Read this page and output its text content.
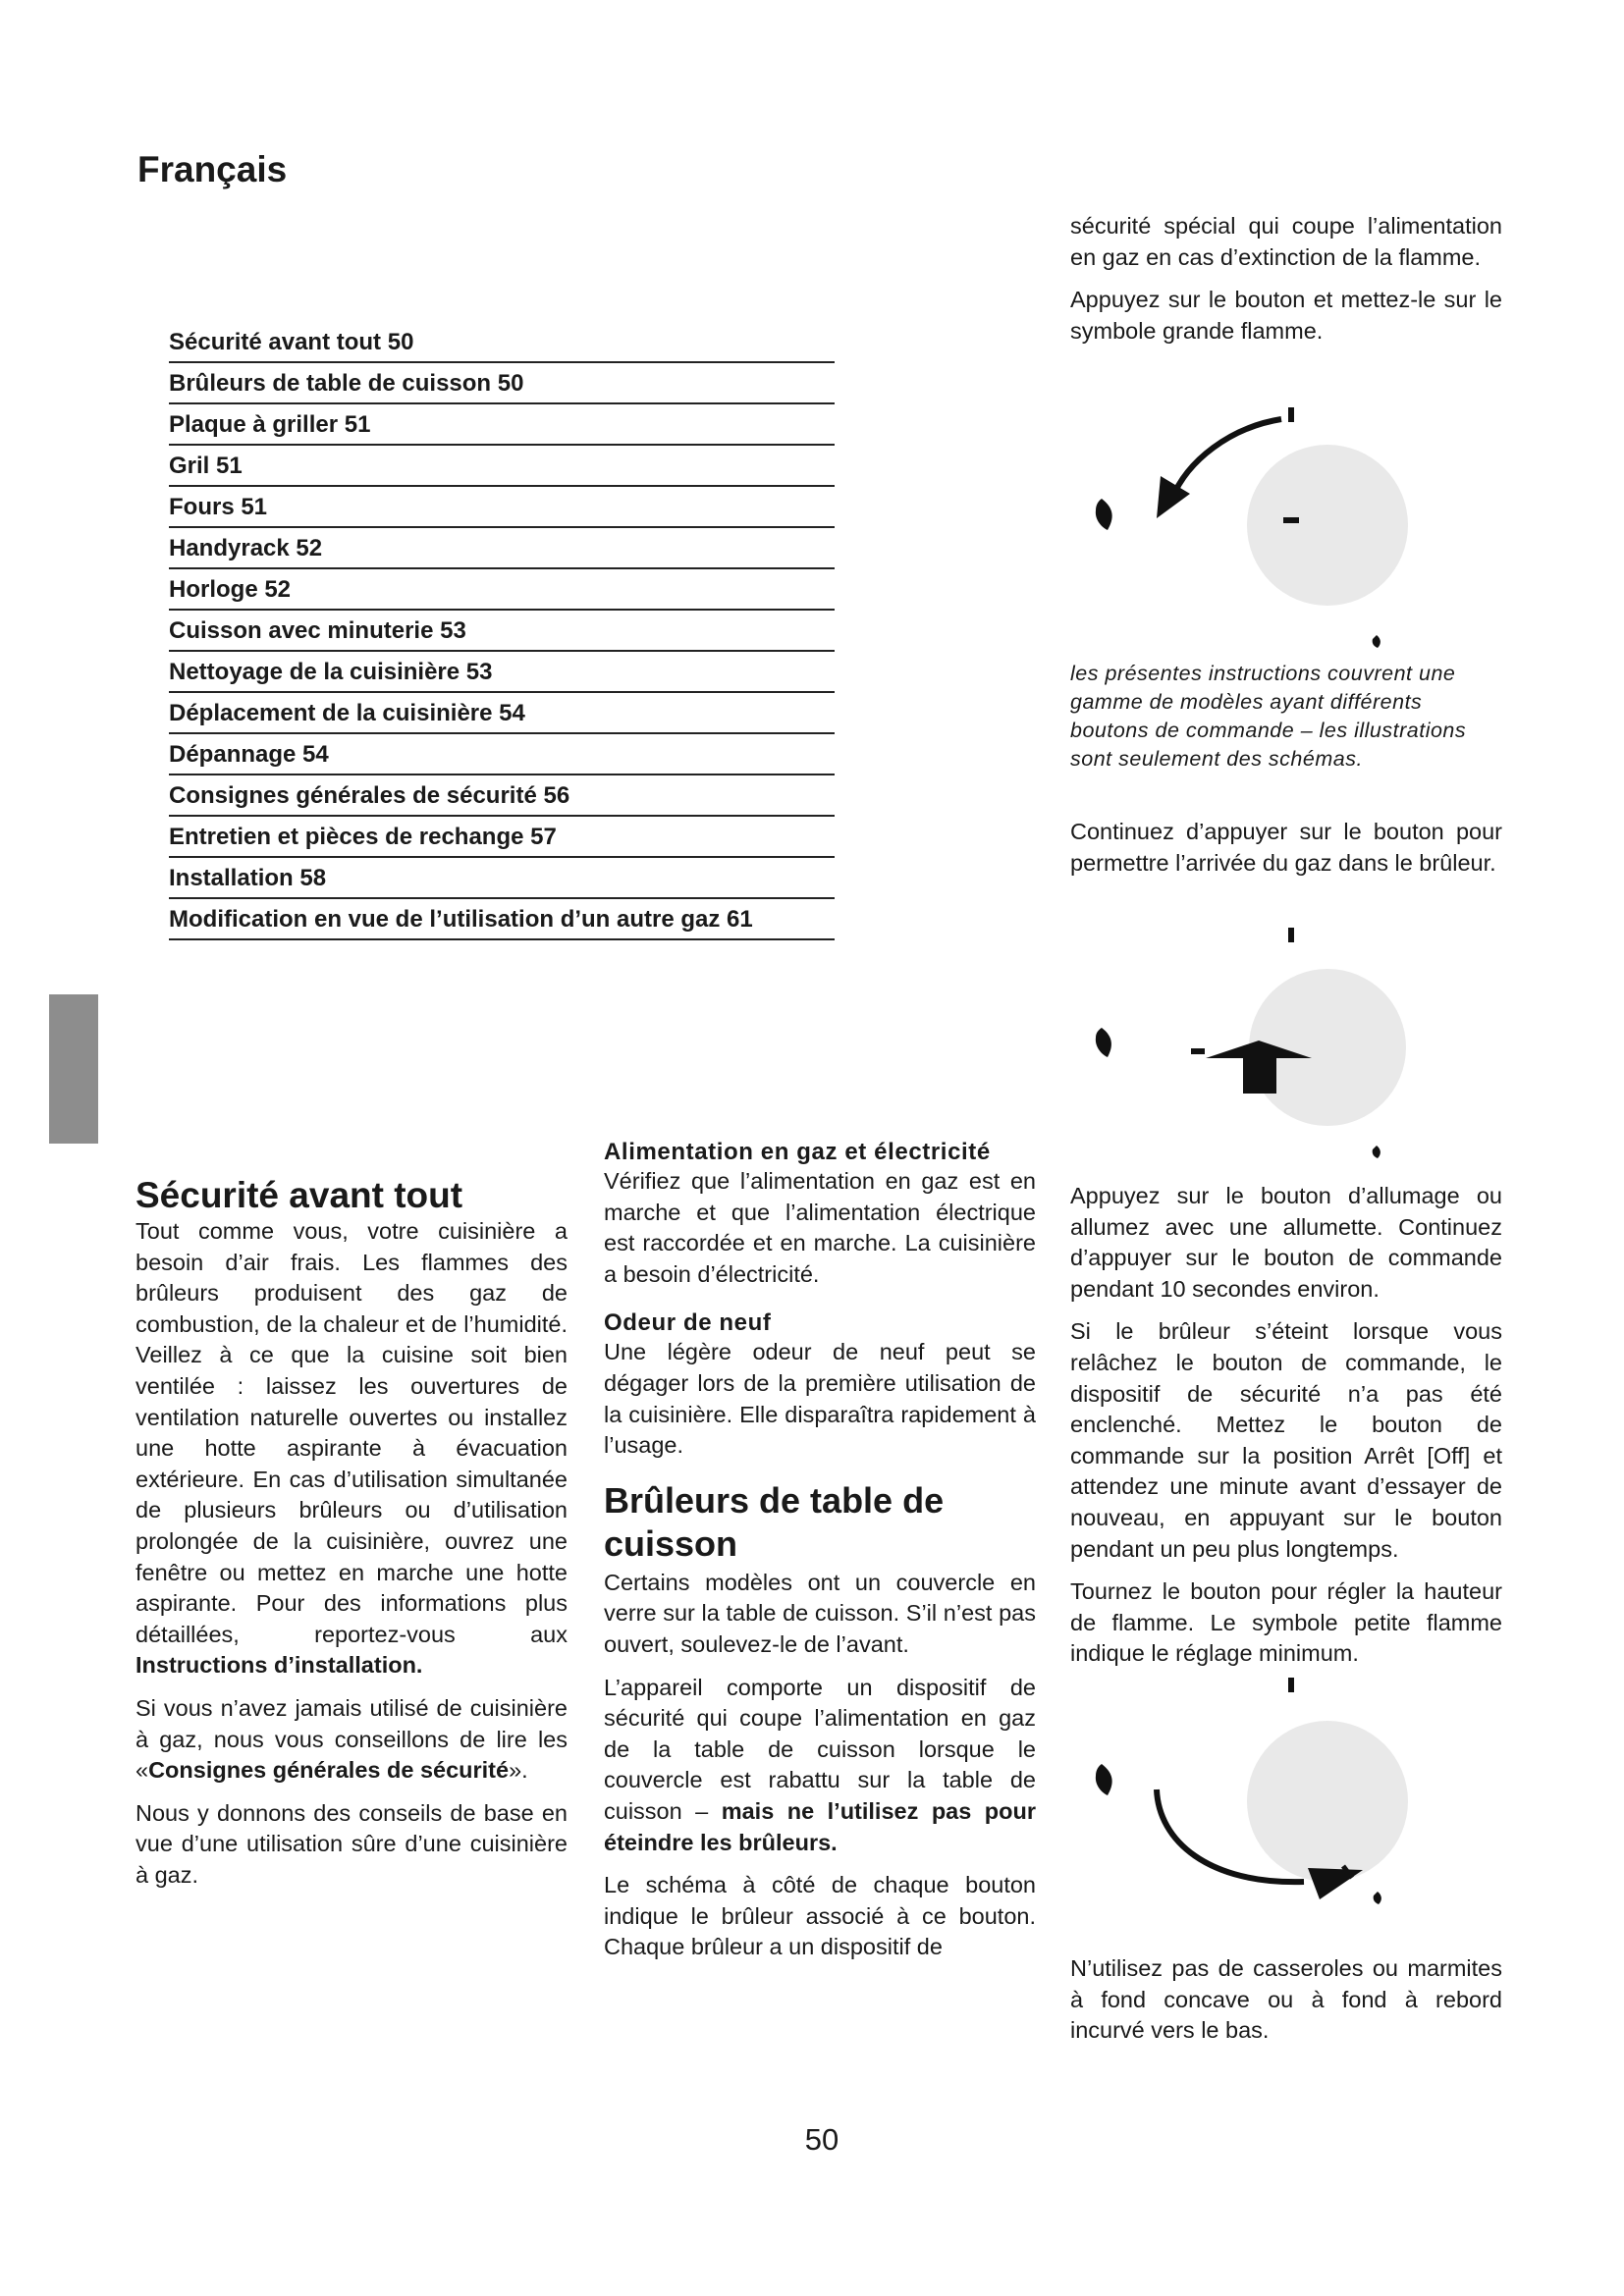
Français
Sécurité avant tout 50
Brûleurs de table de cuisson 50
Plaque à griller 51
Gril 51
Fours 51
Handyrack 52
Horloge 52
Cuisson avec minuterie 53
Nettoyage de la cuisinière 53
Déplacement de la cuisinière 54
Dépannage 54
Consignes générales de sécurité 56
Entretien et pièces de rechange 57
Installation 58
Modification en vue de l’utilisation d’un autre gaz 61
Sécurité avant tout

Tout comme vous, votre cuisinière a besoin d’air frais. Les flammes des brûleurs produisent des gaz de combustion, de la chaleur et de l’humidité. Veillez à ce que la cuisine soit bien ventilée : laissez les ouvertures de ventilation naturelle ouvertes ou installez une hotte aspirante à évacuation extérieure. En cas d’utilisation simultanée de plusieurs brûleurs ou d’utilisation prolongée de la cuisinière, ouvrez une fenêtre ou mettez en marche une hotte aspirante. Pour des informations plus détaillées, reportez-vous aux Instructions d’installation.

Si vous n’avez jamais utilisé de cuisinière à gaz, nous vous conseillons de lire les «Consignes générales de sécurité».

Nous y donnons des conseils de base en vue d’une utilisation sûre d’une cuisinière à gaz.

Alimentation en gaz et électricité

Vérifiez que l’alimentation en gaz est en marche et que l’alimentation électrique est raccordée et en marche. La cuisinière a besoin d’électricité.

Odeur de neuf

Une légère odeur de neuf peut se dégager lors de la première utilisation de la cuisinière. Elle disparaîtra rapidement à l’usage.

Brûleurs de table de cuisson

Certains modèles ont un couvercle en verre sur la table de cuisson. S’il n’est pas ouvert, soulevez-le de l’avant.

L’appareil comporte un dispositif de sécurité qui coupe l’alimentation en gaz de la table de cuisson lorsque le couvercle est rabattu sur la table de cuisson – mais ne l’utilisez pas pour éteindre les brûleurs.

Le schéma à côté de chaque bouton indique le brûleur associé à ce bouton. Chaque brûleur a un dispositif de

sécurité spécial qui coupe l’alimentation en gaz en cas d’extinction de la flamme.

Appuyez sur le bouton et mettez-le sur le symbole grande flamme.

les présentes instructions couvrent une gamme de modèles ayant différents boutons de commande – les illustrations sont seulement des schémas.

Continuez d’appuyer sur le bouton pour permettre l’arrivée du gaz dans le brûleur.

Appuyez sur le bouton d’allumage ou allumez avec une allumette. Continuez d’appuyer sur le bouton de commande pendant 10 secondes environ.

Si le brûleur s’éteint lorsque vous relâchez le bouton de commande, le dispositif de sécurité n’a pas été enclenché. Mettez le bouton de commande sur la position Arrêt [Off] et attendez une minute avant d’essayer de nouveau, en appuyant sur le bouton pendant un peu plus longtemps.

Tournez le bouton pour régler la hauteur de flamme. Le symbole petite flamme indique le réglage minimum.

N’utilisez pas de casseroles ou marmites à fond concave ou à fond à rebord incurvé vers le bas.

50
